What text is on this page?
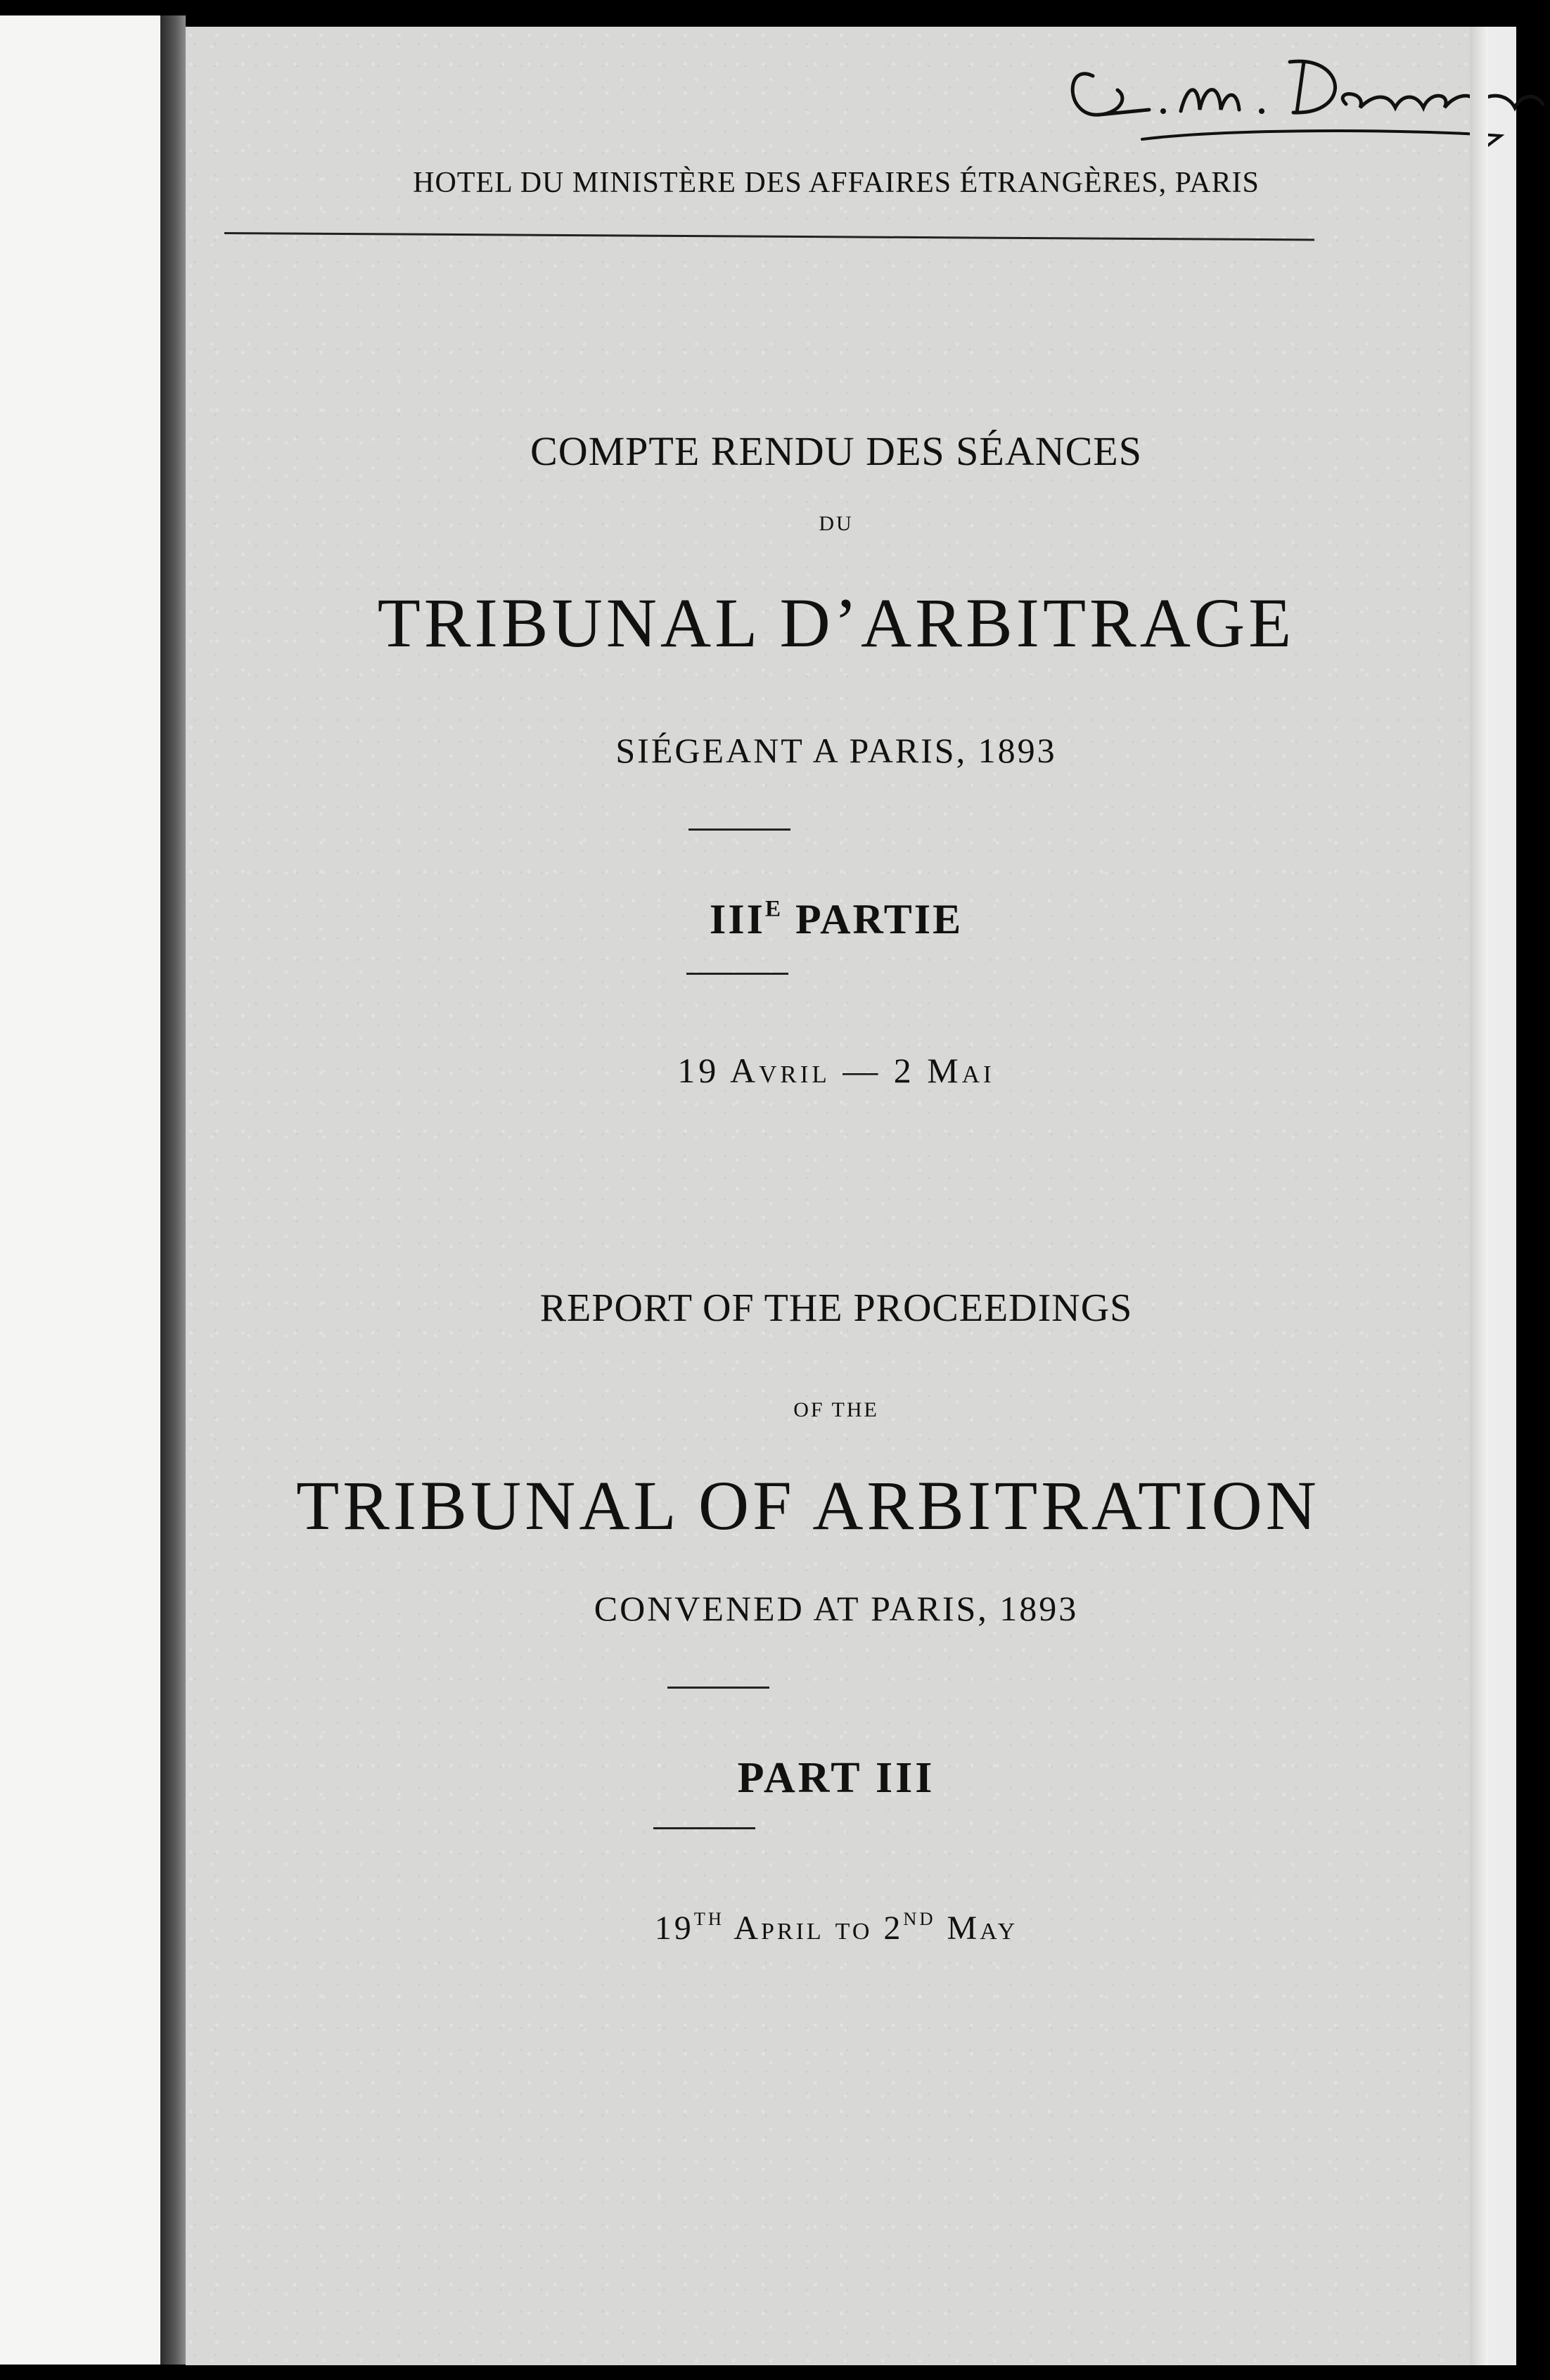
HOTEL DU MINISTÈRE DES AFFAIRES ÉTRANGÈRES, PARIS

COMPTE RENDU DES SÉANCES

DU

TRIBUNAL D’ARBITRAGE

SIÉGEANT A PARIS, 1893

$III^E$ PARTIE

19 Avril — 2 Mai

REPORT OF THE PROCEEDINGS

OF THE

TRIBUNAL OF ARBITRATION

CONVENED AT PARIS, 1893

PART III

19TH April to 2ND May
